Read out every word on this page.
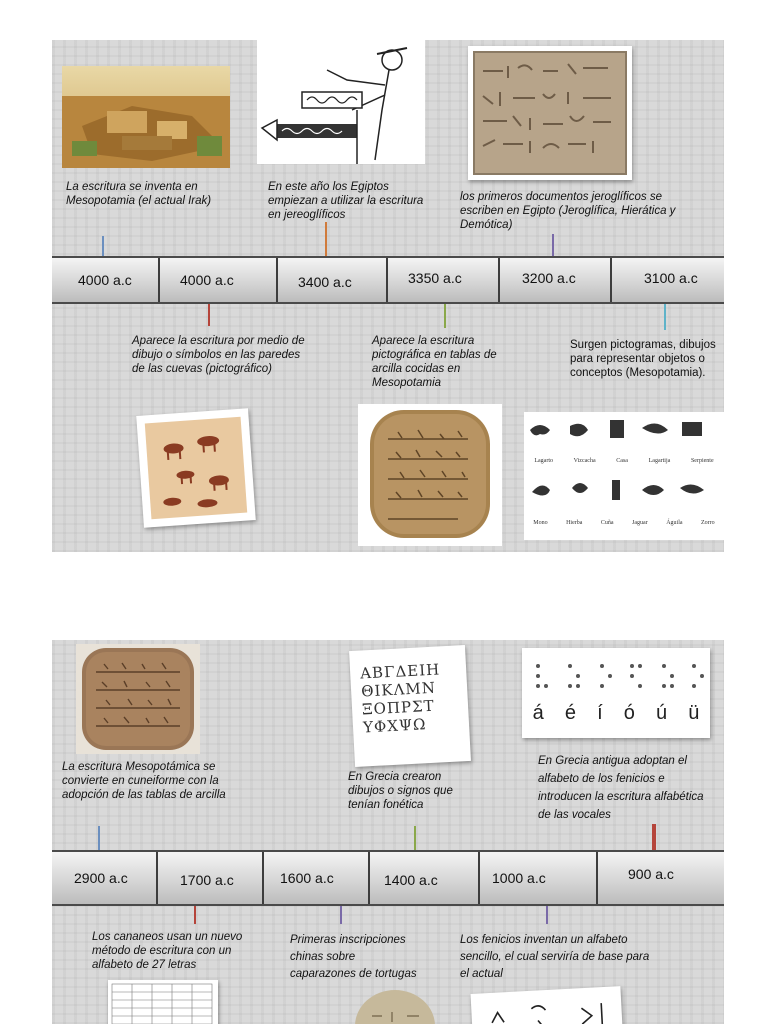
La escritura se inventa en Mesopotamia (el actual Irak)
En este año los Egiptos empiezan a utilizar la escritura en jereoglíficos
los primeros documentos jeroglíficos se escriben en Egipto (Jeroglífica, Hierática y Demótica)
4000 a.c	4000 a.c	3400 a.c	3350 a.c	3200 a.c	3100 a.c
Aparece la escritura por medio de dibujo o símbolos en las paredes de las cuevas (pictográfico)
Aparece la escritura pictográfica en tablas de arcilla cocidas en Mesopotamia
Surgen pictogramas, dibujos para representar objetos o conceptos (Mesopotamia).
Lagarto	Vizcacha	Casa	Lagartija	Serpiente
Mono	Hierba	Cuña	Jaguar	Águila	Zorro
ΑΒΓΔΕΙΗ
ΘΙΚΛΜΝ
ΞΟΠΡΣΤ
ΥΦΧΨΩ
á é í ó ú ü
La escritura Mesopotámica se convierte en cuneiforme con la adopción de las tablas de arcilla
En Grecia crearon dibujos o signos que tenían fonética
En Grecia antigua adoptan el alfabeto de los fenicios e introducen la escritura alfabética de las vocales
2900 a.c	1700 a.c	1600 a.c	1400 a.c	1000 a.c	900 a.c
Los cananeos usan un nuevo método de escritura con un alfabeto de 27 letras
Primeras inscripciones chinas sobre caparazones de tortugas
Los fenicios inventan un alfabeto sencillo, el cual serviría de base para el actual
